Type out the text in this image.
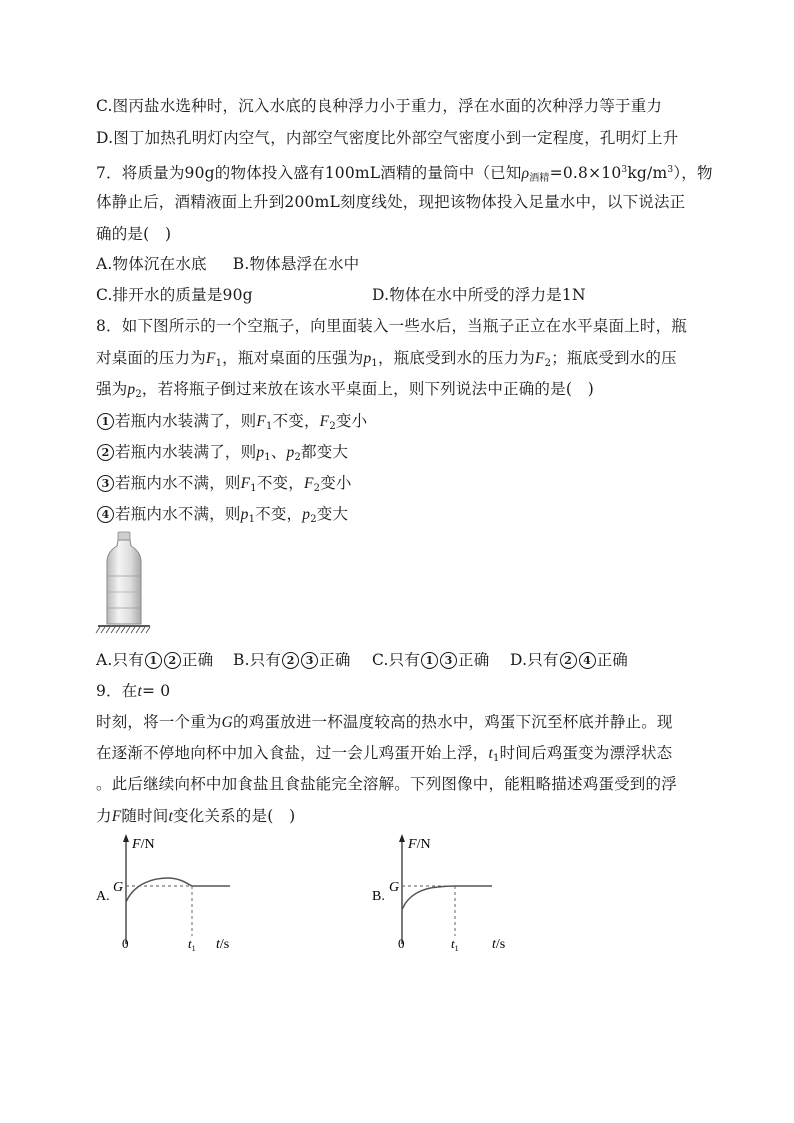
C.图丙盐水选种时，沉入水底的良种浮力小于重力，浮在水面的次种浮力等于重力
D.图丁加热孔明灯内空气，内部空气密度比外部空气密度小到一定程度，孔明灯上升
7．将质量为90g的物体投入盛有100mL酒精的量筒中（已知$\rho_{酒精}=0.8\times 10^3kg/m^3$），物
体静止后，酒精液面上升到200mL刻度线处，现把该物体投入足量水中，以下说法正
确的是(　)
A.物体沉在水底 B.物体悬浮在水中
C.排开水的质量是90g	D.物体在水中所受的浮力是1N
8．如下图所示的一个空瓶子，向里面装入一些水后，当瓶子正立在水平桌面上时，瓶
对桌面的压力为$F_1$，瓶对桌面的压强为$p_1$，瓶底受到水的压力为$F_2$；瓶底受到水的压
强为$p_2$，若将瓶子倒过来放在该水平桌面上，则下列说法中正确的是(　)
1 若瓶内水装满了，则$F_1$不变，$F_2$变小
2 若瓶内水装满了，则$p_1$、$p_2$都变大
3 若瓶内水不满，则$F_1$不变，$F_2$变小
4 若瓶内水不满，则$p_1$不变，$p_2$变大
A.只有 1 2 正确 B.只有 2 3 正确 C.只有 1 3 正确 D.只有 2 4 正确
9．在t= 0
时刻，将一个重为G的鸡蛋放进一杯温度较高的热水中，鸡蛋下沉至杯底并静止。现
在逐渐不停地向杯中加入食盐，过一会儿鸡蛋开始上浮，$t_1$时间后鸡蛋变为漂浮状态
。此后继续向杯中加食盐且食盐能完全溶解。下列图像中，能粗略描述鸡蛋受到的浮
力F随时间t变化关系的是(　)
A.
F/N
G
0	$t_1$ t/s
B.
F/N
G
0	$t_1$ t/s
